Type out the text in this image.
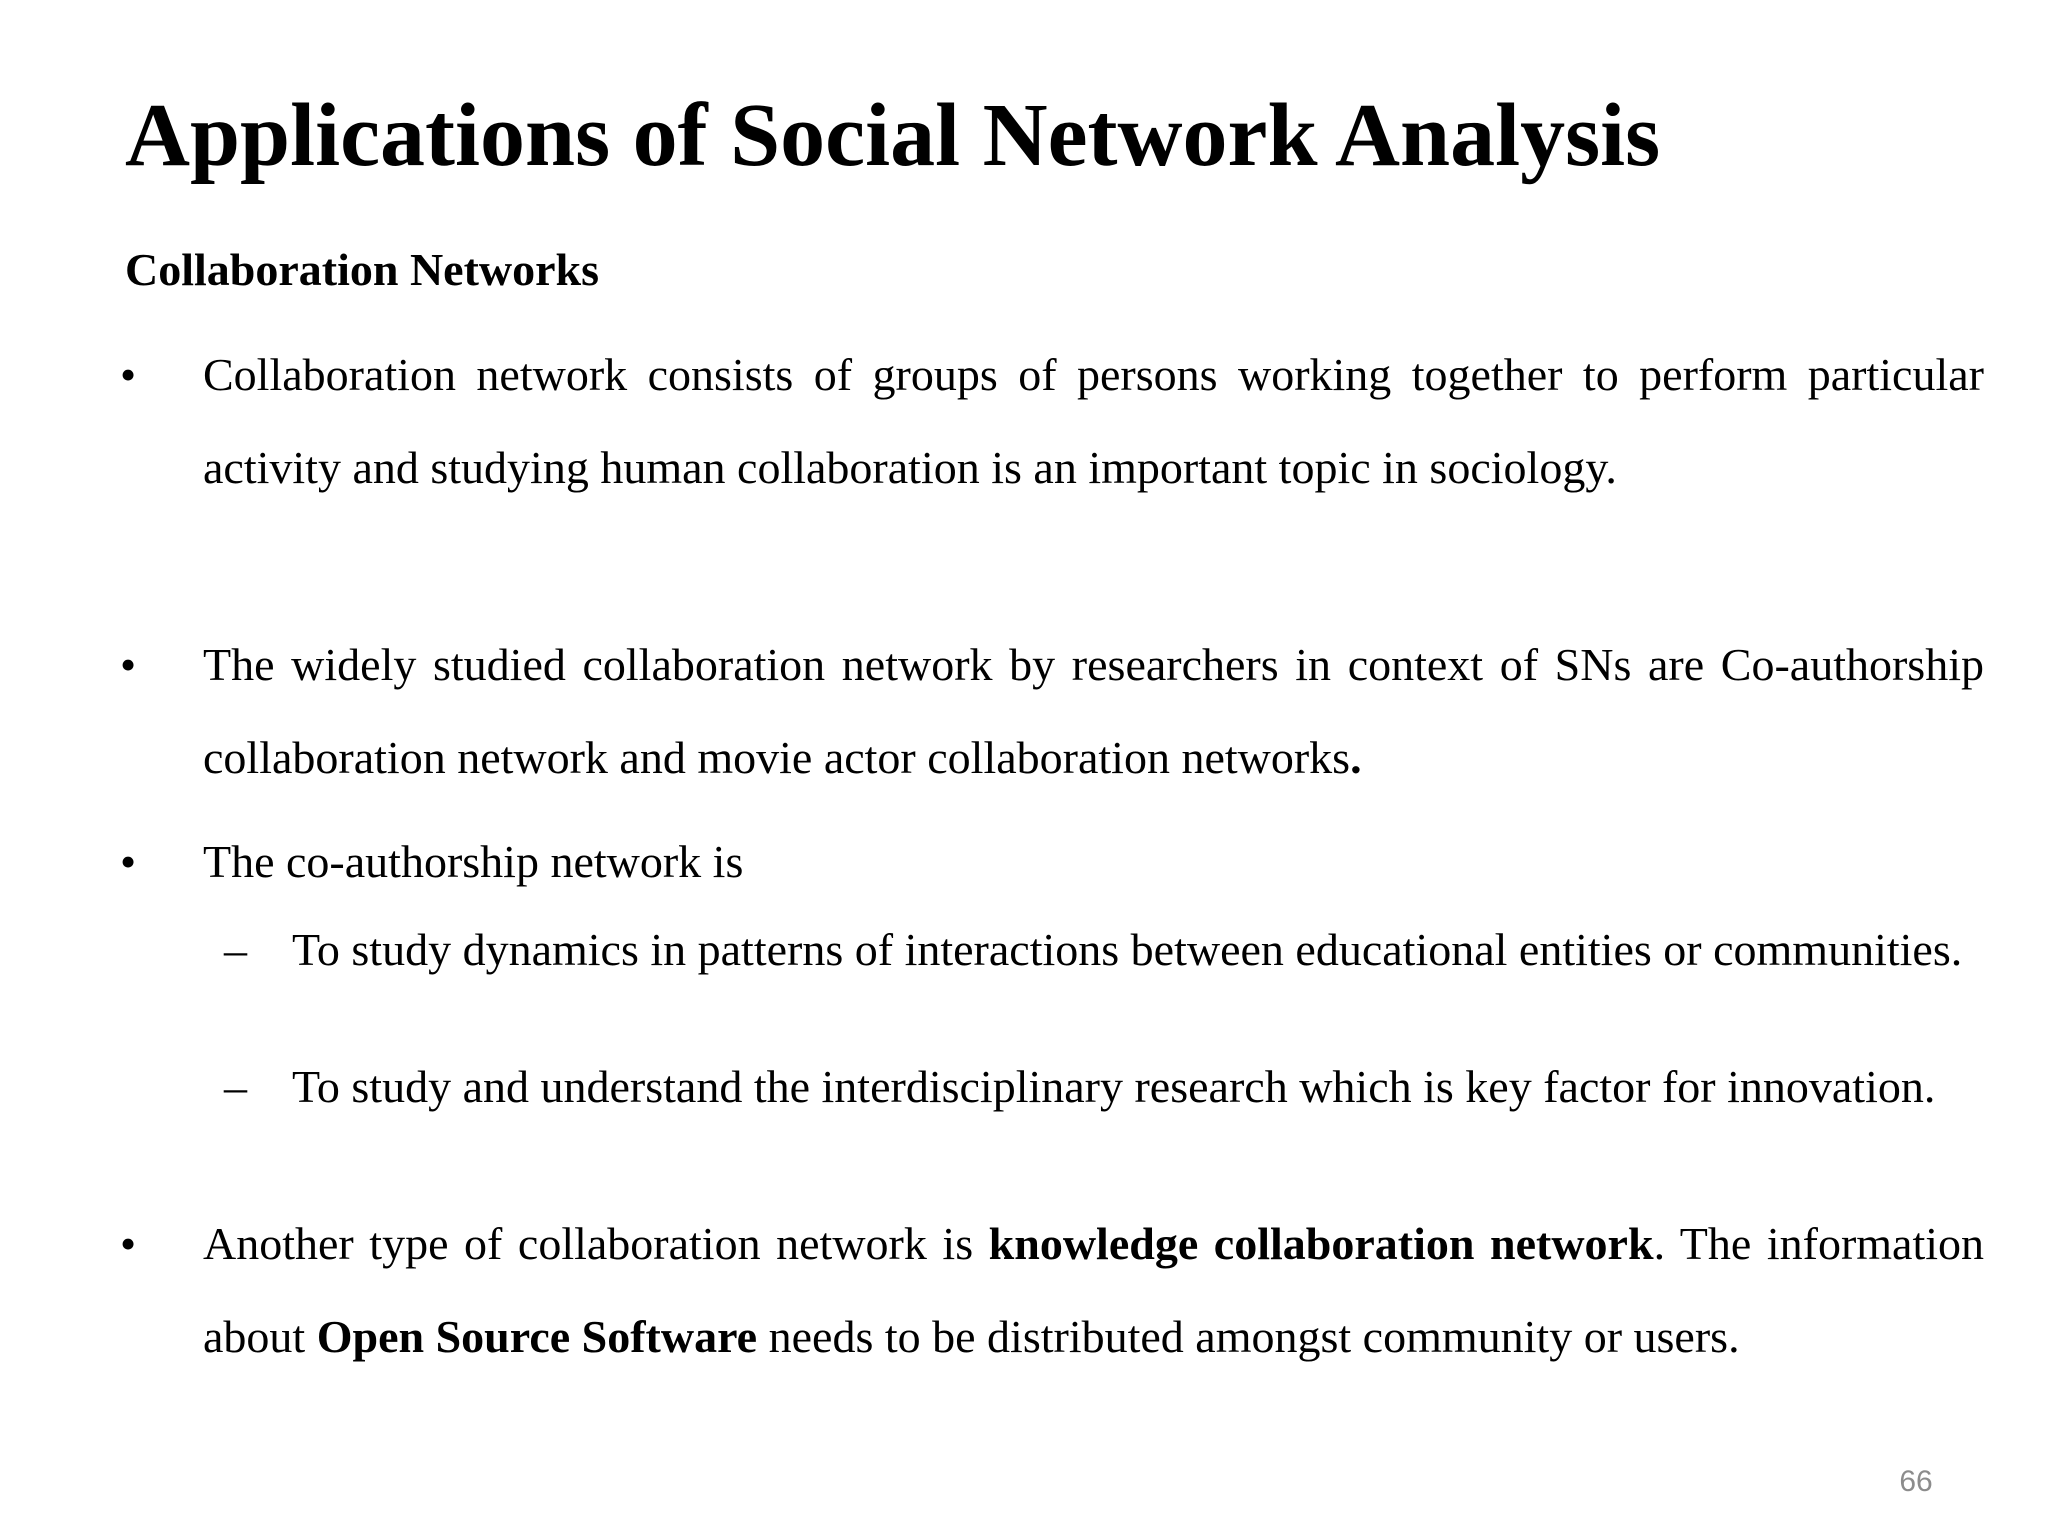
Applications of Social Network Analysis
Collaboration Networks
• Collaboration network consists of groups of persons working together to perform particular activity and studying human collaboration is an important topic in sociology.
• The widely studied collaboration network by researchers in context of SNs are Co-authorship collaboration network and movie actor collaboration networks.
• The co-authorship network is
– To study dynamics in patterns of interactions between educational entities or communities.
– To study and understand the interdisciplinary research which is key factor for innovation.
• Another type of collaboration network is knowledge collaboration network. The information about Open Source Software needs to be distributed amongst community or users.
66
